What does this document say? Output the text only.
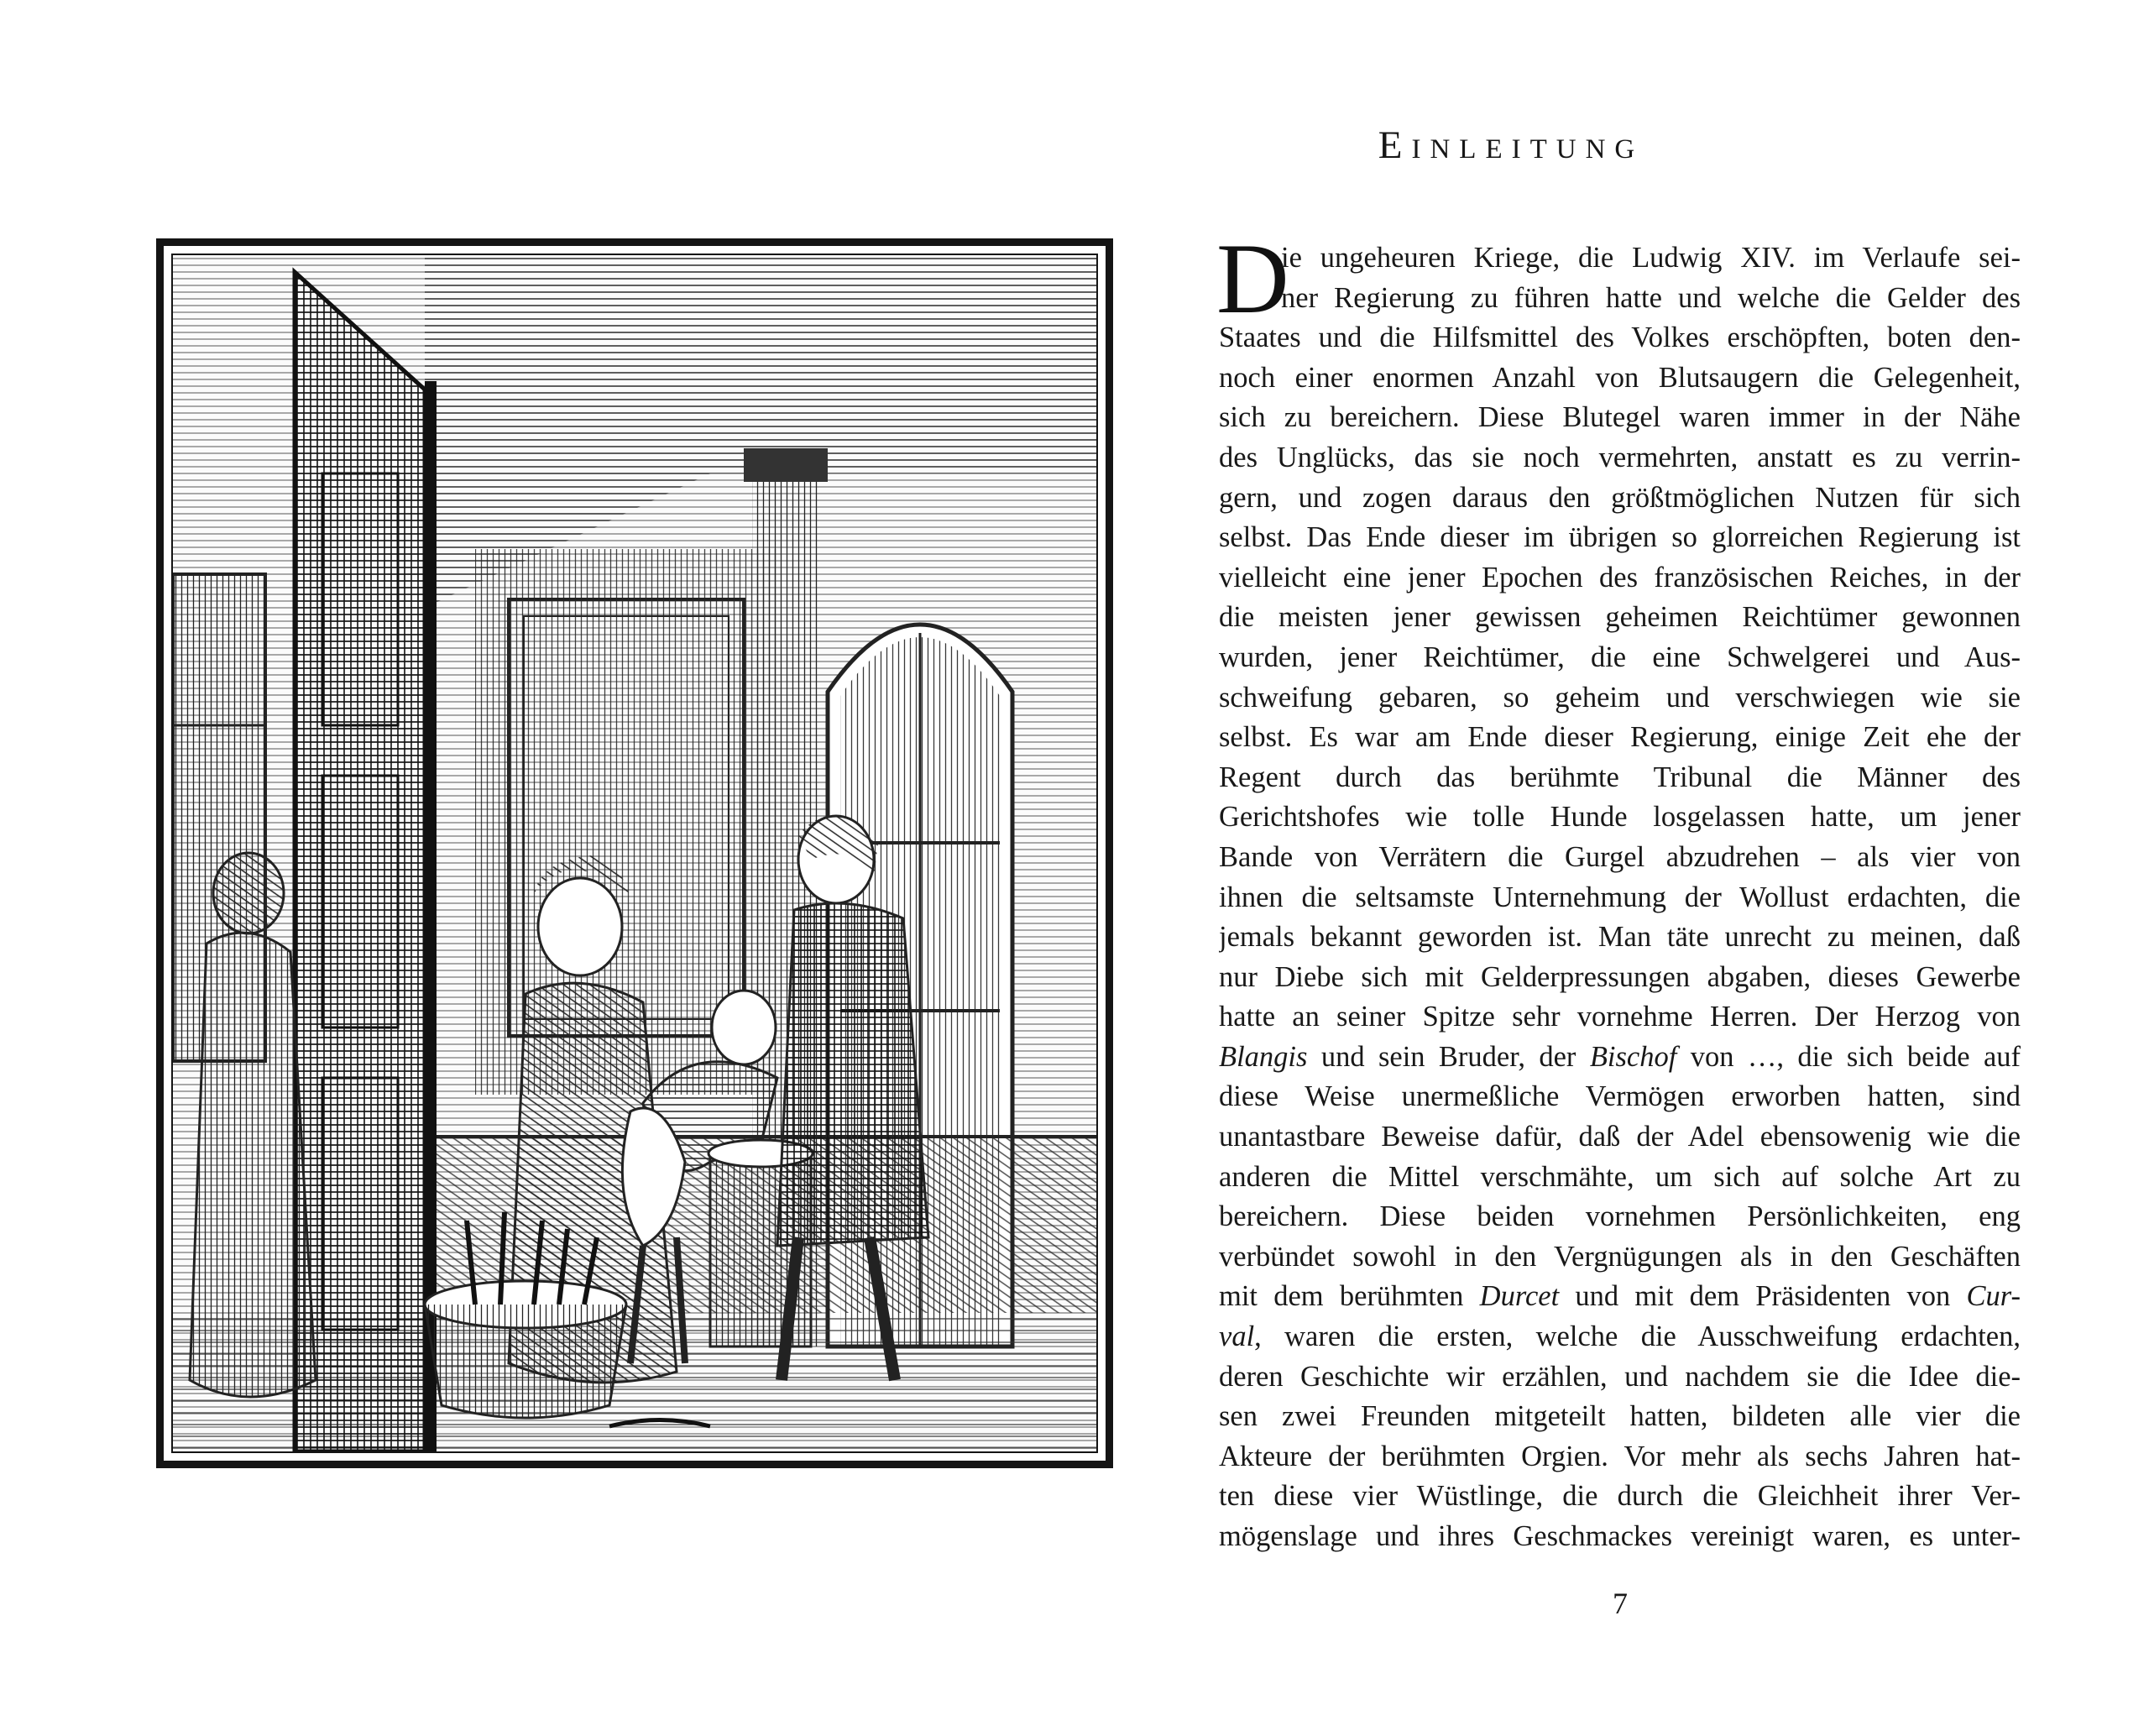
Einleitung
D
ie ungeheuren Kriege, die Ludwig XIV. im Verlaufe sei-
ner Regierung zu führen hatte und welche die Gelder des
Staates und die Hilfsmittel des Volkes erschöpften, boten den-
noch einer enormen Anzahl von Blutsaugern die Gelegenheit,
sich zu bereichern. Diese Blutegel waren immer in der Nähe
des Unglücks, das sie noch vermehrten, anstatt es zu verrin-
gern, und zogen daraus den größtmöglichen Nutzen für sich
selbst. Das Ende dieser im übrigen so glorreichen Regierung ist
vielleicht eine jener Epochen des französischen Reiches, in der
die meisten jener gewissen geheimen Reichtümer gewonnen
wurden, jener Reichtümer, die eine Schwelgerei und Aus-
schweifung gebaren, so geheim und verschwiegen wie sie
selbst. Es war am Ende dieser Regierung, einige Zeit ehe der
Regent durch das berühmte Tribunal die Männer des
Gerichtshofes wie tolle Hunde losgelassen hatte, um jener
Bande von Verrätern die Gurgel abzudrehen – als vier von
ihnen die seltsamste Unternehmung der Wollust erdachten, die
jemals bekannt geworden ist. Man täte unrecht zu meinen, daß
nur Diebe sich mit Gelderpressungen abgaben, dieses Gewerbe
hatte an seiner Spitze sehr vornehme Herren. Der Herzog von
Blangis und sein Bruder, der Bischof von …, die sich beide auf
diese Weise unermeßliche Vermögen erworben hatten, sind
unantastbare Beweise dafür, daß der Adel ebensowenig wie die
anderen die Mittel verschmähte, um sich auf solche Art zu
bereichern. Diese beiden vornehmen Persönlichkeiten, eng
verbündet sowohl in den Vergnügungen als in den Geschäften
mit dem berühmten Durcet und mit dem Präsidenten von Cur-
val, waren die ersten, welche die Ausschweifung erdachten,
deren Geschichte wir erzählen, und nachdem sie die Idee die-
sen zwei Freunden mitgeteilt hatten, bildeten alle vier die
Akteure der berühmten Orgien. Vor mehr als sechs Jahren hat-
ten diese vier Wüstlinge, die durch die Gleichheit ihrer Ver-
mögenslage und ihres Geschmackes vereinigt waren, es unter-
7
